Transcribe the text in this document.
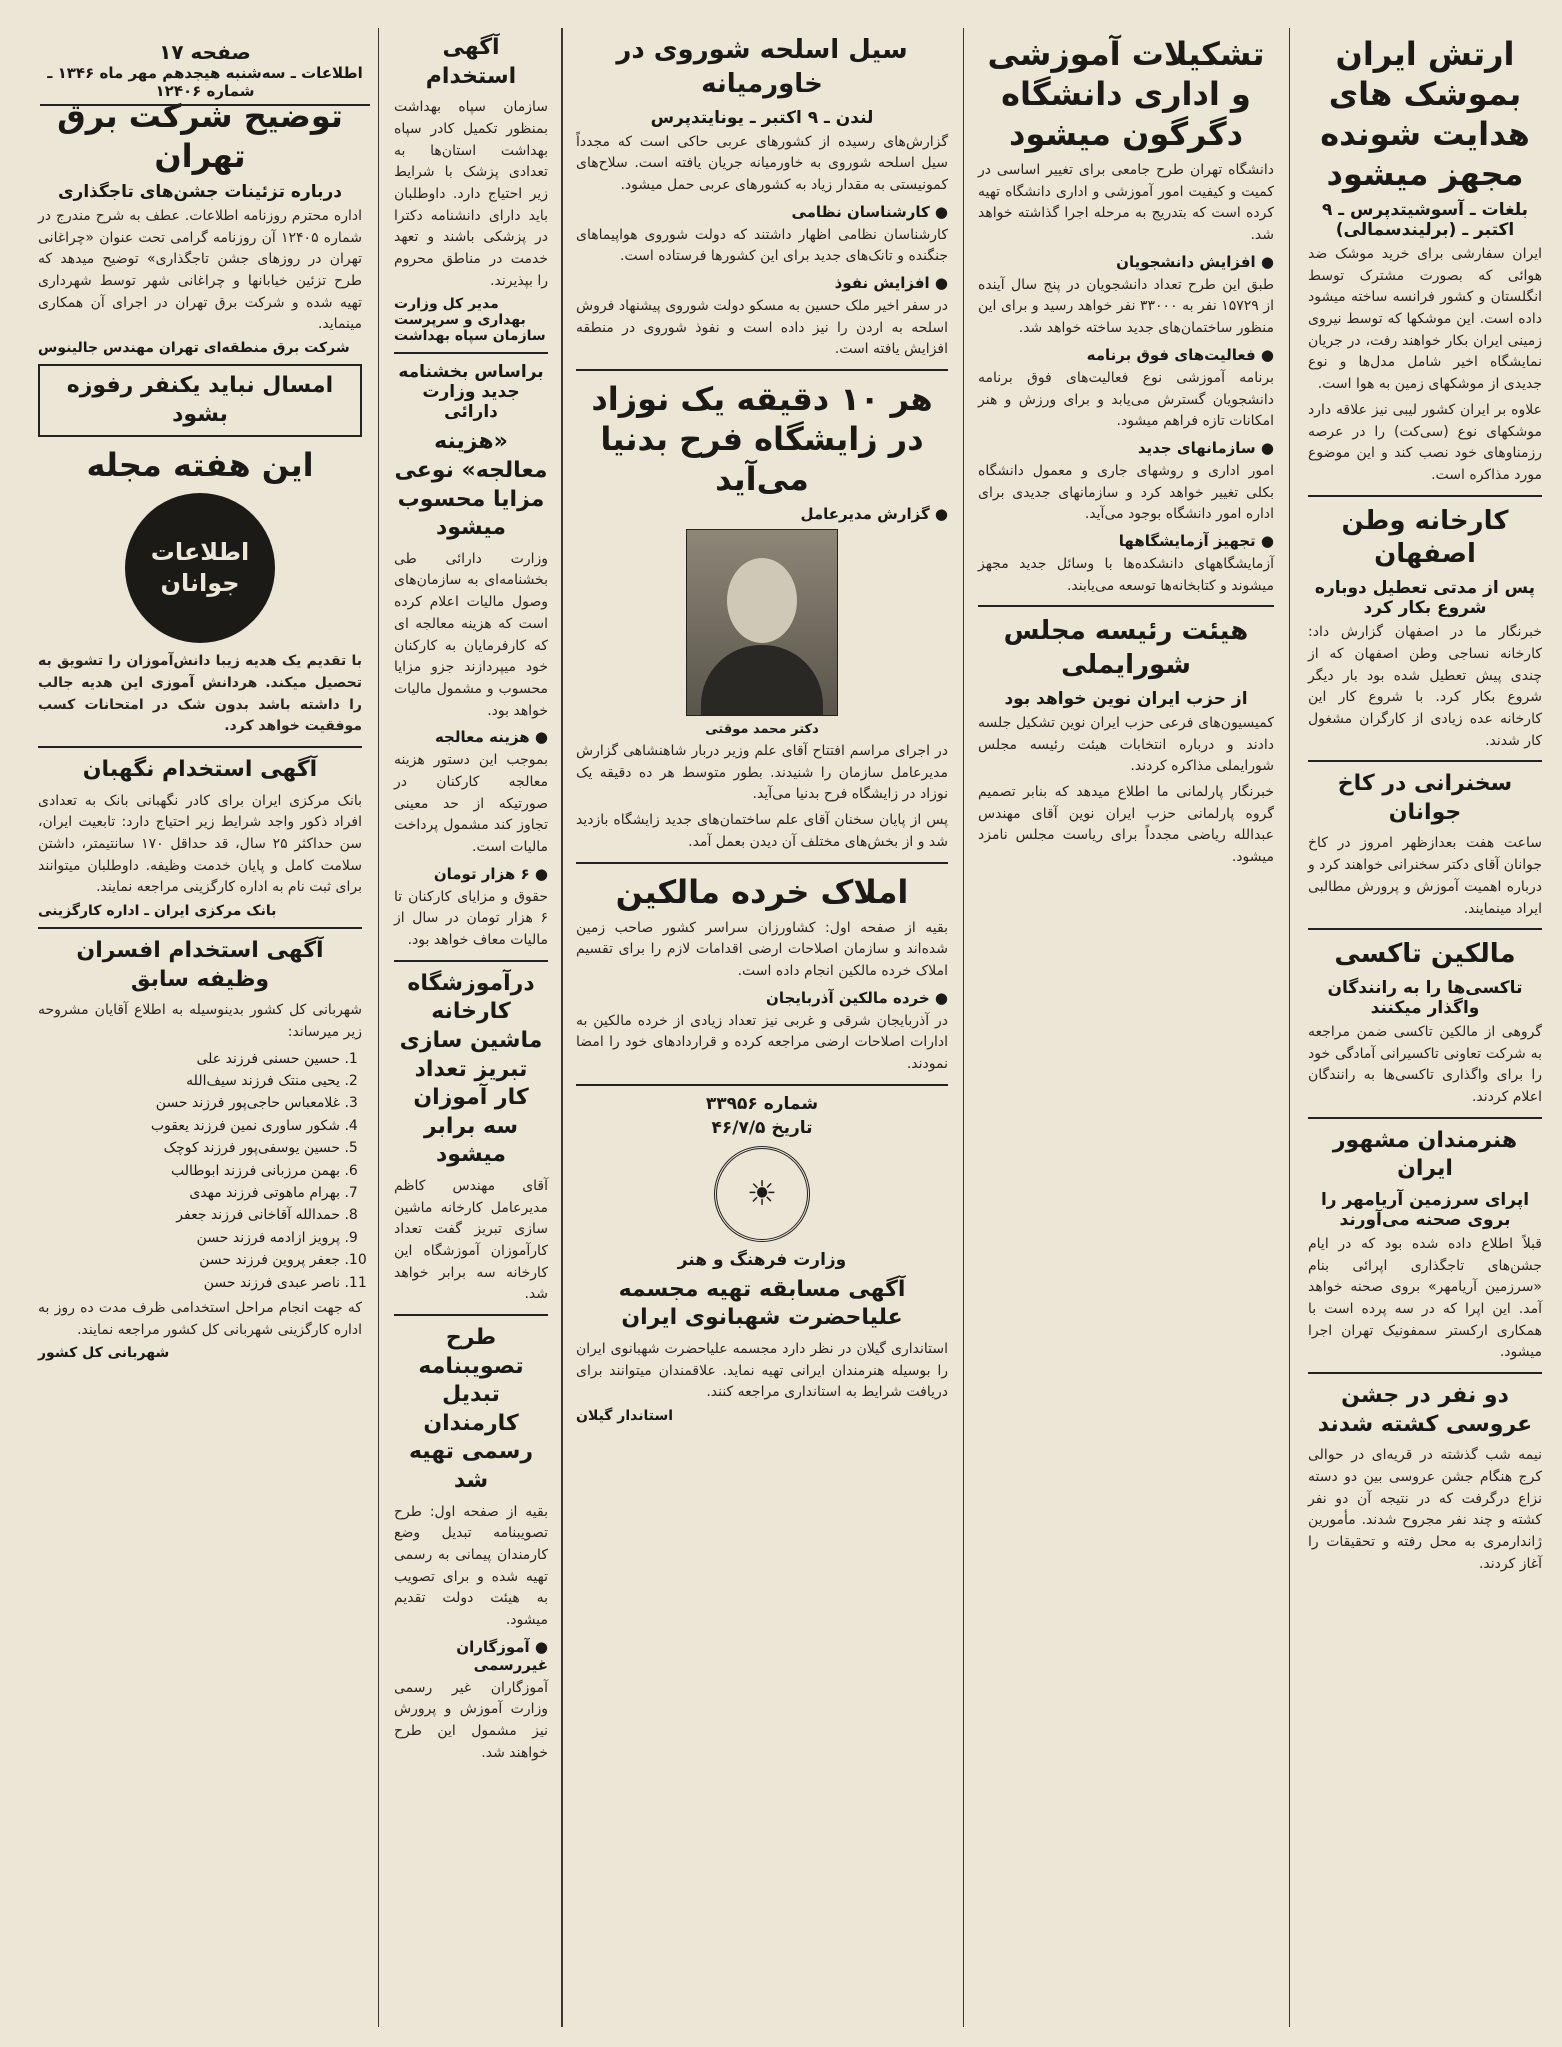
ارتش ایران بموشک های هدایت شونده مجهز میشود
بلغات ـ آسوشیتدپرس ـ ۹ اکتبر ـ (برلیندسمالی)

ایران سفارشی برای خرید موشک ضد هوائی که بصورت مشترک توسط انگلستان و کشور فرانسه ساخته میشود داده است. این موشکها که توسط نیروی زمینی ایران بکار خواهند رفت، در جریان نمایشگاه اخیر شامل مدل‌ها و نوع جدیدی از موشکهای زمین به هوا است.

علاوه بر ایران کشور لیبی نیز علاقه دارد موشکهای نوع (سی‌کت) را در عرصه رزمناو‌های خود نصب کند و این موضوع مورد مذاکره است.

کارخانه وطن اصفهان
پس از مدتی تعطیل دوباره شروع بکار کرد

خبرنگار ما در اصفهان گزارش داد: کارخانه نساجی وطن اصفهان که از چندی پیش تعطیل شده بود بار دیگر شروع بکار کرد. با شروع کار این کارخانه عده زیادی از کارگران مشغول کار شدند.

سخنرانی در کاخ جوانان

ساعت هفت بعدازظهر امروز در کاخ جوانان آقای دکتر سخنرانی خواهند کرد و درباره اهمیت آموزش و پرورش مطالبی ایراد مینمایند.

مالکین تاکسی
تاکسی‌ها را به رانندگان واگذار میکنند

گروهی از مالکین تاکسی ضمن مراجعه به شرکت تعاونی تاکسیرانی آمادگی خود را برای واگذاری تاکسی‌ها به رانندگان اعلام کردند.

هنرمندان مشهور ایران
اپرای سرزمین آریامهر را بروی صحنه می‌آورند

قبلاً اطلاع داده شده بود که در ایام جشن‌های تاجگذاری اپرائی بنام «سرزمین آریامهر» بروی صحنه خواهد آمد. این اپرا که در سه پرده است با همکاری ارکستر سمفونیک تهران اجرا میشود.

دو نفر در جشن عروسی کشته شدند

نیمه شب گذشته در قریه‌ای در حوالی کرج هنگام جشن عروسی بین دو دسته نزاع درگرفت که در نتیجه آن دو نفر کشته و چند نفر مجروح شدند. مأمورین ژاندارمری به محل رفته و تحقیقات را آغاز کردند.

تشکیلات آموزشی و اداری دانشگاه دگرگون میشود

دانشگاه تهران طرح جامعی برای تغییر اساسی در کمیت و کیفیت امور آموزشی و اداری دانشگاه تهیه کرده است که بتدریج به مرحله اجرا گذاشته خواهد شد.

● افزایش دانشجویان

طبق این طرح تعداد دانشجویان در پنج سال آینده از ۱۵۷۲۹ نفر به ۳۳۰۰۰ نفر خواهد رسید و برای این منظور ساختمان‌های جدید ساخته خواهد شد.

● فعالیت‌های فوق برنامه

برنامه آموزشی نوع فعالیت‌های فوق برنامه دانشجویان گسترش می‌یابد و برای ورزش و هنر امکانات تازه فراهم میشود.

● سازمانهای جدید

امور اداری و روشهای جاری و معمول دانشگاه بکلی تغییر خواهد کرد و سازمانهای جدیدی برای اداره امور دانشگاه بوجود می‌آید.

● تجهیز آزمایشگاهها

آزمایشگاههای دانشکده‌ها با وسائل جدید مجهز میشوند و کتابخانه‌ها توسعه می‌یابند.

هیئت رئیسه مجلس شورایملی
از حزب ایران نوین خواهد بود

کمیسیون‌های فرعی حزب ایران نوین تشکیل جلسه دادند و درباره انتخابات هیئت رئیسه مجلس شورایملی مذاکره کردند.

خبرنگار پارلمانی ما اطلاع میدهد که بنابر تصمیم گروه پارلمانی حزب ایران نوین آقای مهندس عبدالله ریاضی مجدداً برای ریاست مجلس نامزد میشود.

سیل اسلحه شوروی در خاورمیانه
لندن ـ ۹ اکتبر ـ یونایتدپرس

گزارش‌های رسیده از کشورهای عربی حاکی است که مجدداً سیل اسلحه شوروی به خاورمیانه جریان یافته است. سلاح‌های کمونیستی به مقدار زیاد به کشورهای عربی حمل میشود.

● کارشناسان نظامی

کارشناسان نظامی اظهار داشتند که دولت شوروی هواپیماهای جنگنده و تانک‌های جدید برای این کشورها فرستاده است.

● افزایش نفوذ

در سفر اخیر ملک حسین به مسکو دولت شوروی پیشنهاد فروش اسلحه به اردن را نیز داده است و نفوذ شوروی در منطقه افزایش یافته است.

هر ۱۰ دقیقه یک نوزاد در زایشگاه فرح بدنیا می‌آید
● گزارش مدیرعامل
دکتر محمد موقتی

در اجرای مراسم افتتاح آقای علم وزیر دربار شاهنشاهی گزارش مدیرعامل سازمان را شنیدند. بطور متوسط هر ده دقیقه یک نوزاد در زایشگاه فرح بدنیا می‌آید.

پس از پایان سخنان آقای علم ساختمان‌های جدید زایشگاه بازدید شد و از بخش‌های مختلف آن دیدن بعمل آمد.

املاک خرده مالکین

بقیه از صفحه اول: کشاورزان سراسر کشور صاحب زمین شده‌اند و سازمان اصلاحات ارضی اقدامات لازم را برای تقسیم املاک خرده مالکین انجام داده است.

● خرده مالکین آذربایجان

در آذربایجان شرقی و غربی نیز تعداد زیادی از خرده مالکین به ادارات اصلاحات ارضی مراجعه کرده و قراردادهای خود را امضا نمودند.

شماره ۳۳۹۵۶
تاریخ ۴۶/۷/۵
☀
وزارت فرهنگ و هنر
آگهی مسابقه تهیه مجسمه علیاحضرت شهبانوی ایران

استانداری گیلان در نظر دارد مجسمه علیاحضرت شهبانوی ایران را بوسیله هنرمندان ایرانی تهیه نماید. علاقمندان میتوانند برای دریافت شرایط به استانداری مراجعه کنند.

استاندار گیلان
توضیح شرکت برق تهران
درباره تزئینات جشن‌های تاجگذاری

اداره محترم روزنامه اطلاعات. عطف به شرح مندرج در شماره ۱۲۴۰۵ آن روزنامه گرامی تحت عنوان «چراغانی تهران در روزهای جشن تاجگذاری» توضیح میدهد که طرح تزئین خیابانها و چراغانی شهر توسط شهرداری تهیه شده و شرکت برق تهران در اجرای آن همکاری مینماید.

شرکت برق منطقه‌ای تهران مهندس جالینوس
امسال نباید یکنفر رفوزه بشود
این هفته مجله
اطلاعات جوانان

با تقدیم یک هدیه زیبا دانش‌آموزان را تشویق به تحصیل میکند. هردانش آموزی این هدیه جالب را داشته باشد بدون شک در امتحانات کسب موفقیت خواهد کرد.

آگهی استخدام نگهبان

بانک مرکزی ایران برای کادر نگهبانی بانک به تعدادی افراد ذکور واجد شرایط زیر احتیاج دارد: تابعیت ایران، سن حداکثر ۲۵ سال، قد حداقل ۱۷۰ سانتیمتر، داشتن سلامت کامل و پایان خدمت وظیفه. داوطلبان میتوانند برای ثبت نام به اداره کارگزینی مراجعه نمایند.

بانک مرکزی ایران ـ اداره کارگزینی
آگهی استخدام افسران وظیفه سابق

شهربانی کل کشور بدینوسیله به اطلاع آقایان مشروحه زیر میرساند:

1. حسین حسنی فرزند علی
2. یحیی منتک فرزند سیف‌الله
3. غلامعباس حاجی‌پور فرزند حسن
4. شکور ساوری نمین فرزند یعقوب
5. حسین یوسفی‌پور فرزند کوچک
6. بهمن مرزبانی فرزند ابوطالب
7. بهرام ماهوتی فرزند مهدی
8. حمدالله آقاخانی فرزند جعفر
9. پرویز ازادمه فرزند حسن
10. جعفر پروین فرزند حسن
11. ناصر عبدی فرزند حسن

که جهت انجام مراحل استخدامی ظرف مدت ده روز به اداره کارگزینی شهربانی کل کشور مراجعه نمایند.

شهربانی کل کشور
صفحه ۱۷
اطلاعات ـ سه‌شنبه هیجدهم مهر ماه ۱۳۴۶ ـ شماره ۱۲۴۰۶
آگهی استخدام

سازمان سپاه بهداشت بمنظور تکمیل کادر سپاه بهداشت استان‌ها به تعدادی پزشک با شرایط زیر احتیاج دارد. داوطلبان باید دارای دانشنامه دکترا در پزشکی باشند و تعهد خدمت در مناطق محروم را بپذیرند.

مدیر کل وزارت بهداری و سرپرست سازمان سپاه بهداشت
براساس بخشنامه جدید وزارت دارائی
«هزینه معالجه» نوعی مزایا محسوب میشود

وزارت دارائی طی بخشنامه‌ای به سازمان‌های وصول مالیات اعلام کرده است که هزینه معالجه ای که کارفرمایان به کارکنان خود میپردازند جزو مزایا محسوب و مشمول مالیات خواهد بود.

● هزینه معالجه

بموجب این دستور هزینه معالجه کارکنان در صورتیکه از حد معینی تجاوز کند مشمول پرداخت مالیات است.

● ۶ هزار تومان

حقوق و مزایای کارکنان تا ۶ هزار تومان در سال از مالیات معاف خواهد بود.

درآموزشگاه کارخانه ماشین سازی تبریز تعداد کار آموزان سه برابر میشود

آقای مهندس کاظم مدیرعامل کارخانه ماشین سازی تبریز گفت تعداد کارآموزان آموزشگاه این کارخانه سه برابر خواهد شد.

طرح تصویبنامه تبدیل کارمندان رسمی تهیه شد

بقیه از صفحه اول: طرح تصویبنامه تبدیل وضع کارمندان پیمانی به رسمی تهیه شده و برای تصویب به هیئت دولت تقدیم میشود.

● آموزگاران غیررسمی

آموزگاران غیر رسمی وزارت آموزش و پرورش نیز مشمول این طرح خواهند شد.
